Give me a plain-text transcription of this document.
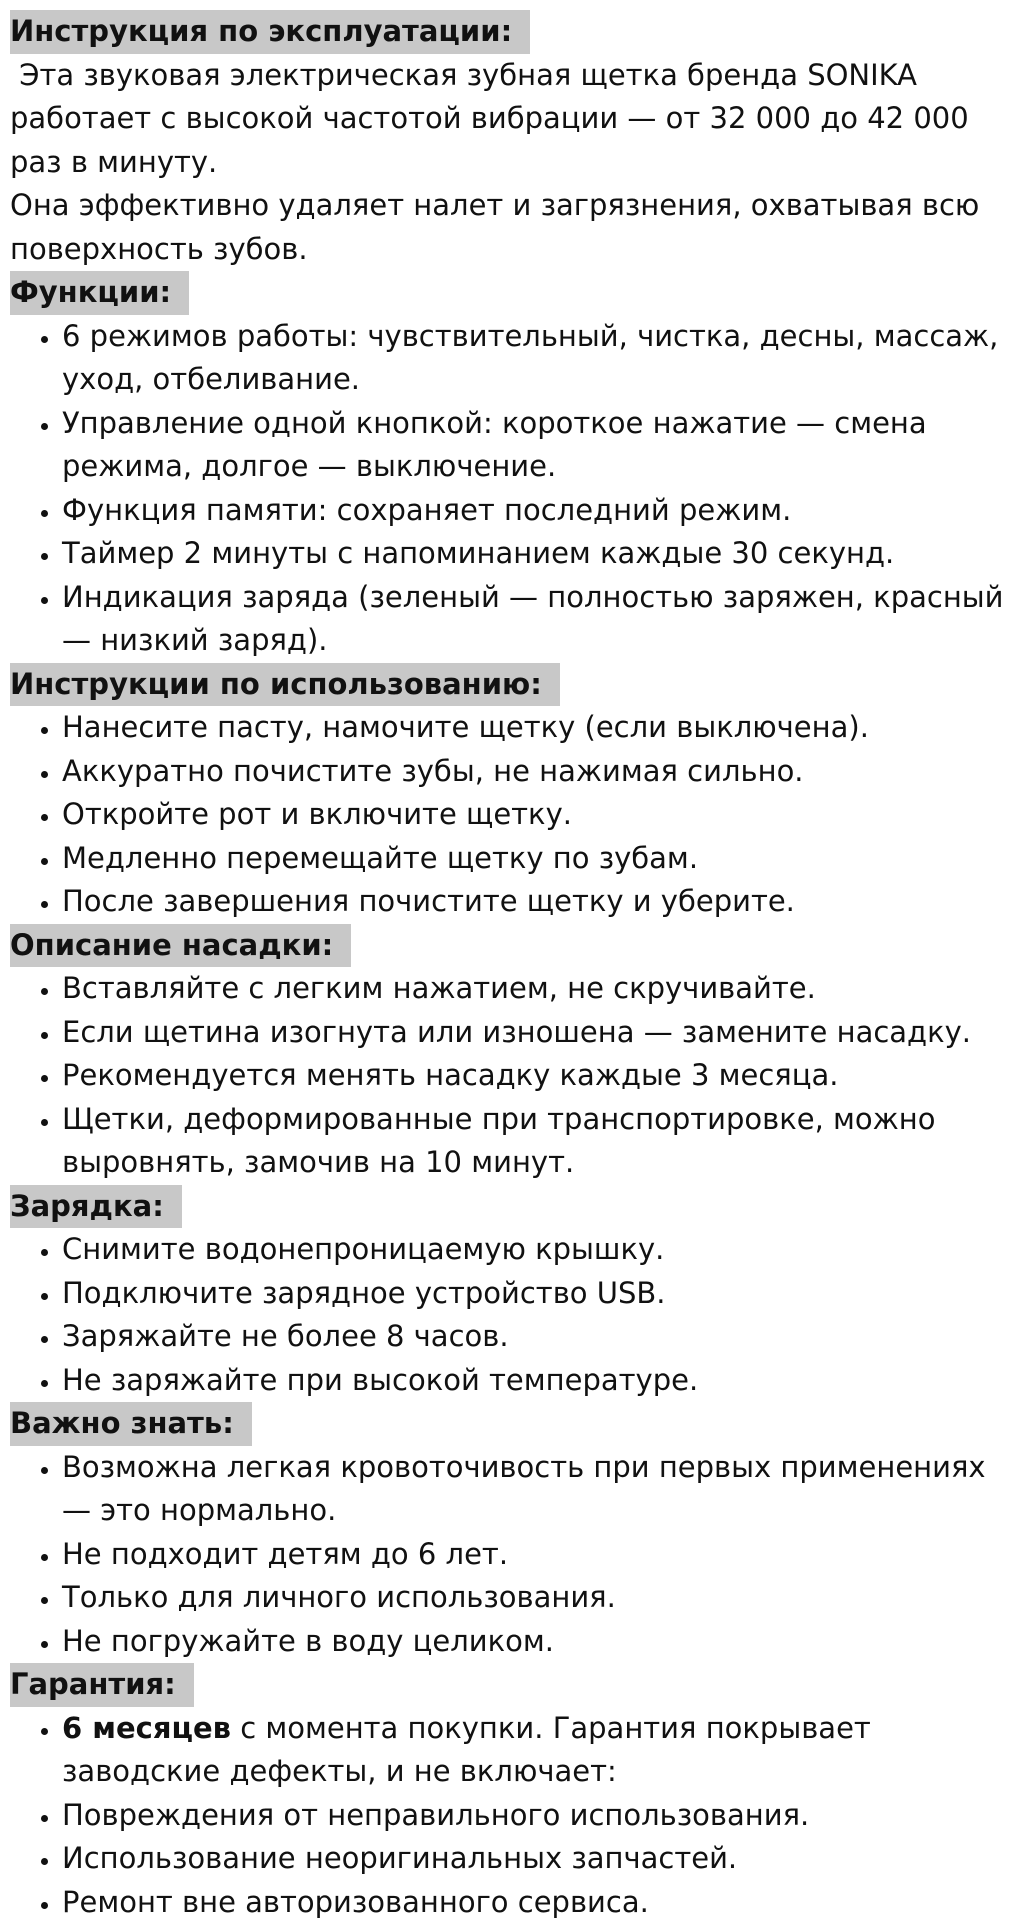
Инструкция по эксплуатации:

Эта звуковая электрическая зубная щетка бренда SONIKA работает с высокой частотой вибрации — от 32 000 до 42 000 раз в минуту.

Она эффективно удаляет налет и загрязнения, охватывая всю поверхность зубов.

Функции:
• 6 режимов работы: чувствительный, чистка, десны, массаж, уход, отбеливание.
• Управление одной кнопкой: короткое нажатие — смена режима, долгое — выключение.
• Функция памяти: сохраняет последний режим.
• Таймер 2 минуты с напоминанием каждые 30 секунд.
• Индикация заряда (зеленый — полностью заряжен, красный — низкий заряд).
Инструкции по использованию:
• Нанесите пасту, намочите щетку (если выключена).
• Аккуратно почистите зубы, не нажимая сильно.
• Откройте рот и включите щетку.
• Медленно перемещайте щетку по зубам.
• После завершения почистите щетку и уберите.
Описание насадки:
• Вставляйте с легким нажатием, не скручивайте.
• Если щетина изогнута или изношена — замените насадку.
• Рекомендуется менять насадку каждые 3 месяца.
• Щетки, деформированные при транспортировке, можно выровнять, замочив на 10 минут.
Зарядка:
• Снимите водонепроницаемую крышку.
• Подключите зарядное устройство USB.
• Заряжайте не более 8 часов.
• Не заряжайте при высокой температуре.
Важно знать:
• Возможна легкая кровоточивость при первых применениях — это нормально.
• Не подходит детям до 6 лет.
• Только для личного использования.
• Не погружайте в воду целиком.
Гарантия:
• 6 месяцев с момента покупки. Гарантия покрывает заводские дефекты, и не включает:
• Повреждения от неправильного использования.
• Использование неоригинальных запчастей.
• Ремонт вне авторизованного сервиса.
